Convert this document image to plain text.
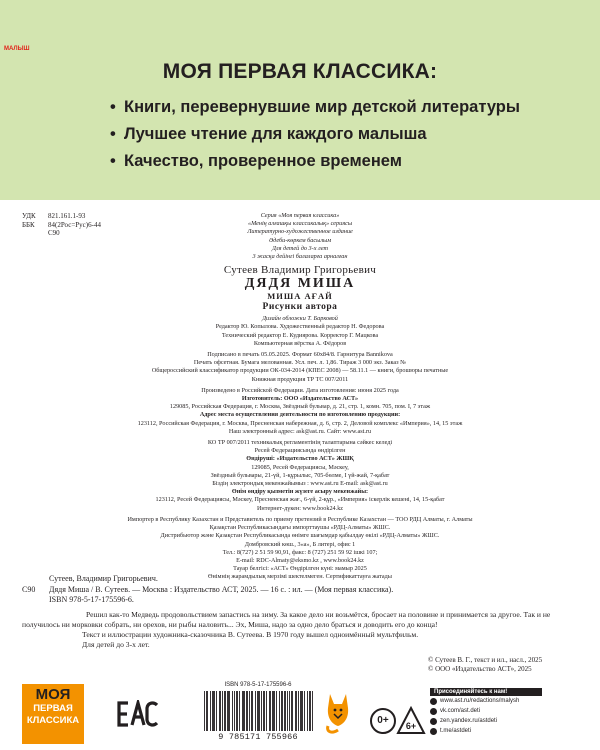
МОЯ ПЕРВАЯ КЛАССИКА:
• Книги, перевернувшие мир детской литературы
• Лучшее чтение для каждого малыша
• Качество, проверенное временем
УДК 821.161.1-93
ББК 84(2Рос=Рус)6-44
С90
Серия «Моя первая классика»
«Менің алғашқы классикалық» сериясы
Литературно-художественное издание
Әдеби-көркем басылым
Для детей до 3-х лет
3 жасқа дейінгі балаларға арналған
Сутеев Владимир Григорьевич
ДЯДЯ МИША
МИША АҒАЙ
Рисунки автора
Дизайн обложки Т. Барковой
Редактор Ю. Копылова. Художественный редактор Н. Федорова
Технический редактор Е. Кудиярова. Корректор Г. Мацкова
Компьютерная вёрстка А. Фёдоров
Подписано в печать 05.05.2025. Формат 60x84/8. Гарнитура Bannikova
Печать офсетная. Бумага мелованная. Усл. печ. л. 1,86. Тираж 3 000 экз. Заказ №
Общероссийский классификатор продукции ОК-034-2014 (КПЕС 2008) — 58.11.1 — книги, брошюры печатные
Книжная продукция ТР ТС 007/2011
Произведено в Российской Федерации. Дата изготовления: июня 2025 года
Изготовитель: ООО «Издательство АСТ»
129085, Российская Федерация, г. Москва, Звёздный бульвар, д. 21, стр. 1, комн. 705, пом. I, 7 этаж
Адрес места осуществления деятельности по изготовлению продукции:
123112, Российская Федерация, г. Москва, Пресненская набережная, д. 6, стр. 2, Деловой комплекс «Империя», 14, 15 этаж
Наш электронный адрес: ask@ast.ru. Сайт: www.ast.ru
КО ТР 007/2011 техникалық регламентінің талаптарына сәйкес келеді
Ресей Федерациясында өндірілген
Өндіруші: «Издательство АСТ» ЖШҚ
129085, Ресей Федерациясы, Мәскеу,
Звёздный бульвары, 21-үй, 1-құрылыс, 705-бөлме, I үй-жай, 7-қабат
Біздің электрондық мекенжайымыз : www.ast.ru E-mail: ask@ast.ru
Өнім өндіру қызметін жүзеге асыру мекенжайы:
123112, Ресей Федерациясы, Мәскеу, Пресненская жағ., 6-үй, 2-құр., «Империя» іскерлік кешені, 14, 15-қабат
Интернет-дүкен: www.book24.kz
Импортер в Республику Казахстан и Представитель по приему претензий в Республике Казахстан — ТОО РДЦ Алматы, г. Алматы
Қазақстан Республикасындағы импорттаушы «РДЦ-Алматы» ЖШС.
Дистрибьютор және Қазақстан Республикасында өнімге шағымдар қабылдау өкілі «РДЦ-Алматы» ЖШС.
Домбровский көш., 3«а», Б литері, офис 1
Тел.: 8(727) 2 51 59 90,91, факс: 8 (727) 251 59 92 ішкі 107;
E-mail: RDC-Almaty@eksmo.kz , www.book24.kz
Тауар белгісі: «АСТ» Өндірілген күні: мамыр 2025
Өнімнің жарамдылық мерзімі шектелмеген. Сертификаттауға жатады
С90
Сутеев, Владимир Григорьевич.
Дядя Миша / В. Сутеев. — Москва : Издательство АСТ, 2025. — 16 с. : ил. — (Моя первая классика).
ISBN 978-5-17-175596-6.

Решил как-то Медведь продовольствием запастись на зиму. За какое дело ни возьмётся, бросает на половине и принимается за другое. Так и не получилось ни морковки собрать, ни орехов, ни рыбы наловить... Эх, Миша, надо за одно дело браться и доводить его до конца!

Текст и иллюстрации художника-сказочника В. Сутеева. В 1970 году вышел одноимённый мультфильм.

Для детей до 3-х лет.

© Сутеев В. Г., текст и ил., насл., 2025
© ООО «Издательство АСТ», 2025
МОЯ
ПЕРВАЯ
КЛАССИКА
ISBN 978-5-17-175596-6
9 785171 755966
МАЛЫШ
0+	6+
Присоединяйтесь к нам!
www.ast.ru/redactions/malysh
vk.com/ast.deti
zen.yandex.ru/astdeti
t.me/astdeti
